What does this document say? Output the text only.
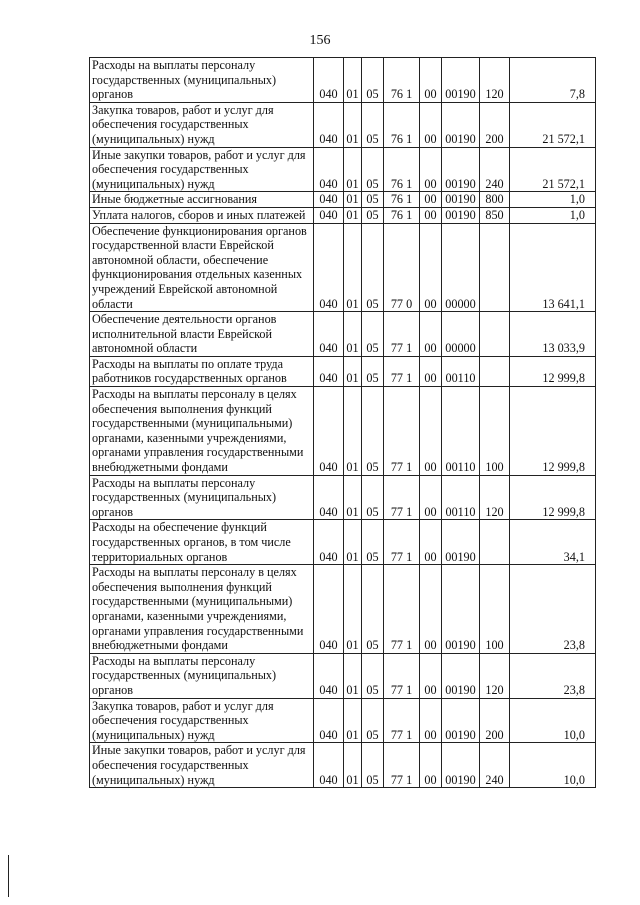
156
Расходы на выплаты персоналу государственных (муниципальных) органов	040	01	05	76 1	00	00190	120	7,8
Закупка товаров, работ и услуг для обеспечения государственных (муниципальных) нужд	040	01	05	76 1	00	00190	200	21 572,1
Иные закупки товаров, работ и услуг для обеспечения государственных (муниципальных) нужд	040	01	05	76 1	00	00190	240	21 572,1
Иные бюджетные ассигнования	040	01	05	76 1	00	00190	800	1,0
Уплата налогов, сборов и иных платежей	040	01	05	76 1	00	00190	850	1,0
Обеспечение функционирования органов государственной власти Еврейской автономной области, обеспечение функционирования отдельных казенных учреждений Еврейской автономной области	040	01	05	77 0	00	00000		13 641,1
Обеспечение деятельности органов исполнительной власти Еврейской автономной области	040	01	05	77 1	00	00000		13 033,9
Расходы на выплаты по оплате труда работников государственных органов	040	01	05	77 1	00	00110		12 999,8
Расходы на выплаты персоналу в целях обеспечения выполнения функций государственными (муниципальными) органами, казенными учреждениями, органами управления государственными внебюджетными фондами	040	01	05	77 1	00	00110	100	12 999,8
Расходы на выплаты персоналу государственных (муниципальных) органов	040	01	05	77 1	00	00110	120	12 999,8
Расходы на обеспечение функций государственных органов, в том числе территориальных органов	040	01	05	77 1	00	00190		34,1
Расходы на выплаты персоналу в целях обеспечения выполнения функций государственными (муниципальными) органами, казенными учреждениями, органами управления государственными внебюджетными фондами	040	01	05	77 1	00	00190	100	23,8
Расходы на выплаты персоналу государственных (муниципальных) органов	040	01	05	77 1	00	00190	120	23,8
Закупка товаров, работ и услуг для обеспечения государственных (муниципальных) нужд	040	01	05	77 1	00	00190	200	10,0
Иные закупки товаров, работ и услуг для обеспечения государственных (муниципальных) нужд	040	01	05	77 1	00	00190	240	10,0
